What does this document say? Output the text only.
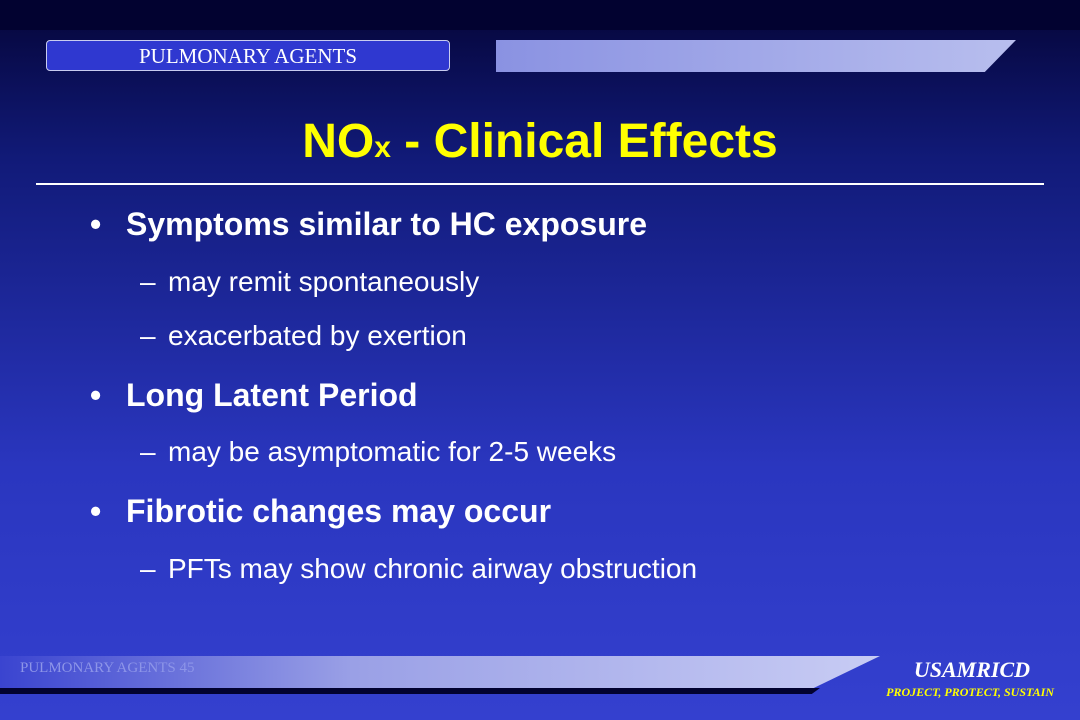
PULMONARY AGENTS
NOx - Clinical Effects
• Symptoms similar to HC exposure
– may remit spontaneously
– exacerbated by exertion
• Long Latent Period
– may be asymptomatic for 2-5 weeks
• Fibrotic changes may occur
– PFTs may show chronic airway obstruction
PULMONARY AGENTS 45	USAMRICD
PROJECT, PROTECT, SUSTAIN
